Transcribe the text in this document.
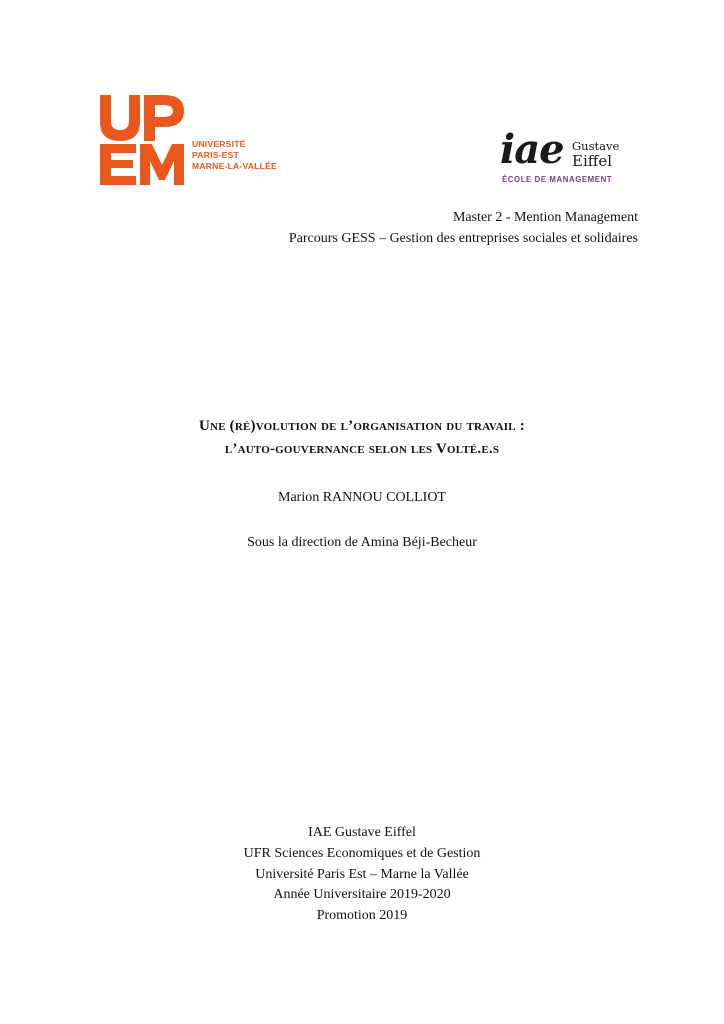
UNIVERSITÉ
PARIS-EST
MARNE-LA-VALLÉE	iae Gustave
Eiffel
ÉCOLE DE MANAGEMENT
Master 2 - Mention Management
Parcours GESS – Gestion des entreprises sociales et solidaires
Une (ré)volution de l’organisation du travail :
l’auto-gouvernance selon les Volté.e.s
Marion RANNOU COLLIOT
Sous la direction de Amina Béji-Becheur
IAE Gustave Eiffel
UFR Sciences Economiques et de Gestion
Université Paris Est – Marne la Vallée
Année Universitaire 2019-2020
Promotion 2019
